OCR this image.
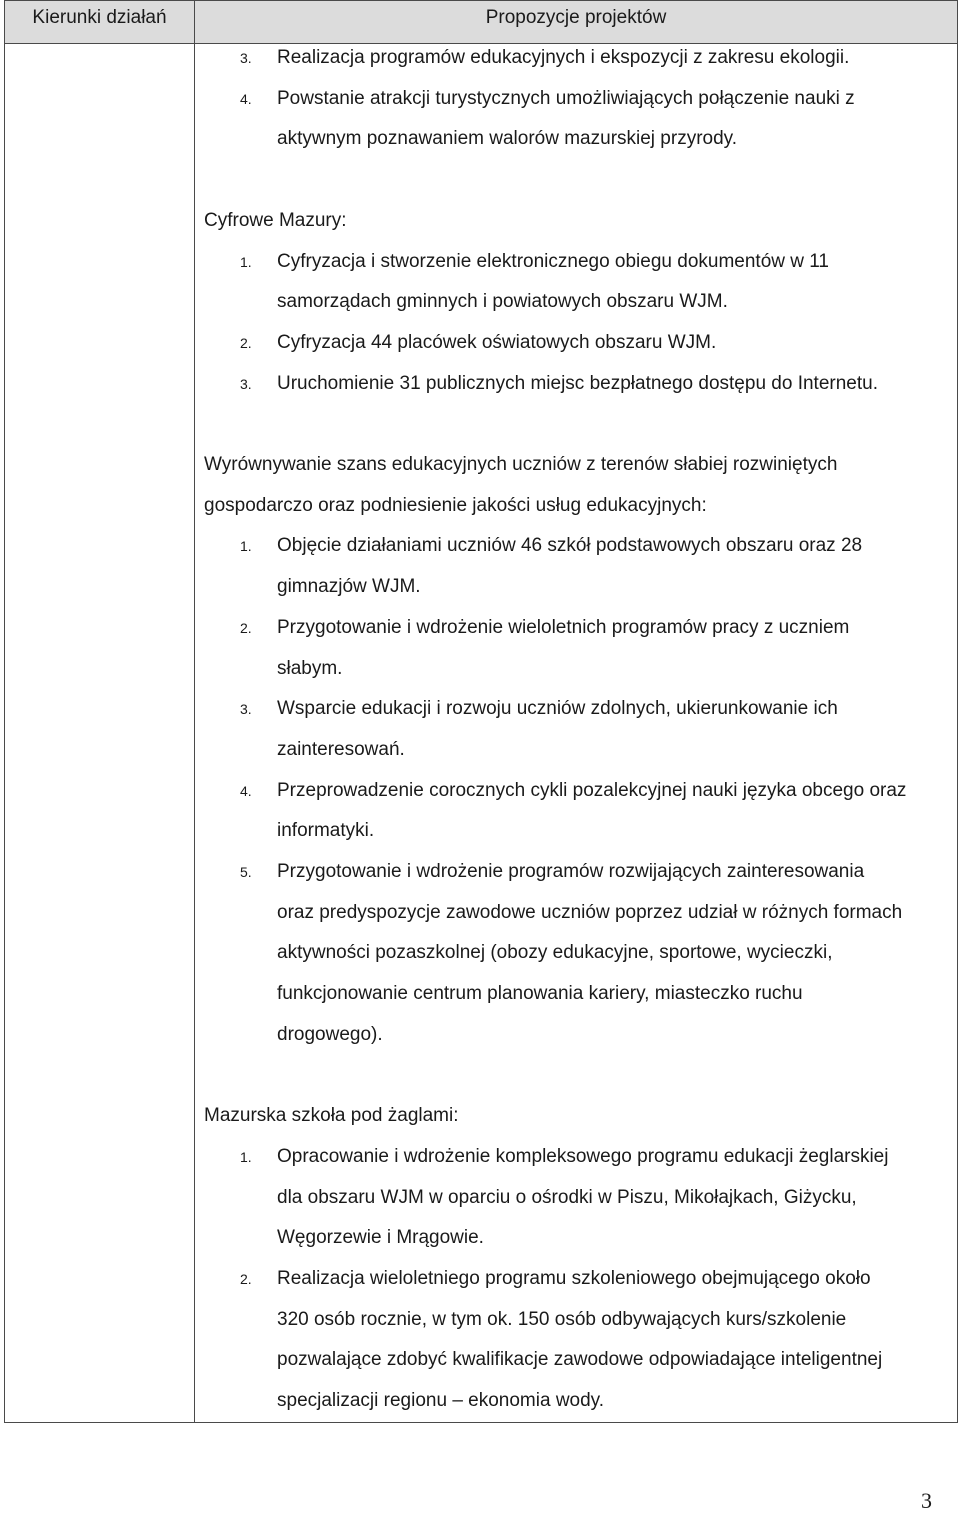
Kierunki działań	Propozycje projektów
3. Realizacja programów edukacyjnych i ekspozycji z zakresu ekologii.
4. Powstanie atrakcji turystycznych umożliwiających połączenie nauki z
aktywnym poznawaniem walorów mazurskiej przyrody.
Cyfrowe Mazury:
1. Cyfryzacja i stworzenie elektronicznego obiegu dokumentów w 11
samorządach gminnych i powiatowych obszaru WJM.
2. Cyfryzacja 44 placówek oświatowych obszaru WJM.
3. Uruchomienie 31 publicznych miejsc bezpłatnego dostępu do Internetu.
Wyrównywanie szans edukacyjnych uczniów z terenów słabiej rozwiniętych
gospodarczo oraz podniesienie jakości usług edukacyjnych:
1. Objęcie działaniami uczniów 46 szkół podstawowych obszaru oraz 28
gimnazjów WJM.
2. Przygotowanie i wdrożenie wieloletnich programów pracy z uczniem
słabym.
3. Wsparcie edukacji i rozwoju uczniów zdolnych, ukierunkowanie ich
zainteresowań.
4. Przeprowadzenie corocznych cykli pozalekcyjnej nauki języka obcego oraz
informatyki.
5. Przygotowanie i wdrożenie programów rozwijających zainteresowania
oraz predyspozycje zawodowe uczniów poprzez udział w różnych formach
aktywności pozaszkolnej (obozy edukacyjne, sportowe, wycieczki,
funkcjonowanie centrum planowania kariery, miasteczko ruchu
drogowego).
Mazurska szkoła pod żaglami:
1. Opracowanie i wdrożenie kompleksowego programu edukacji żeglarskiej
dla obszaru WJM w oparciu o ośrodki w Piszu, Mikołajkach, Giżycku,
Węgorzewie i Mrągowie.
2. Realizacja wieloletniego programu szkoleniowego obejmującego około
320 osób rocznie, w tym ok. 150 osób odbywających kurs/szkolenie
pozwalające zdobyć kwalifikacje zawodowe odpowiadające inteligentnej
specjalizacji regionu – ekonomia wody.
3
